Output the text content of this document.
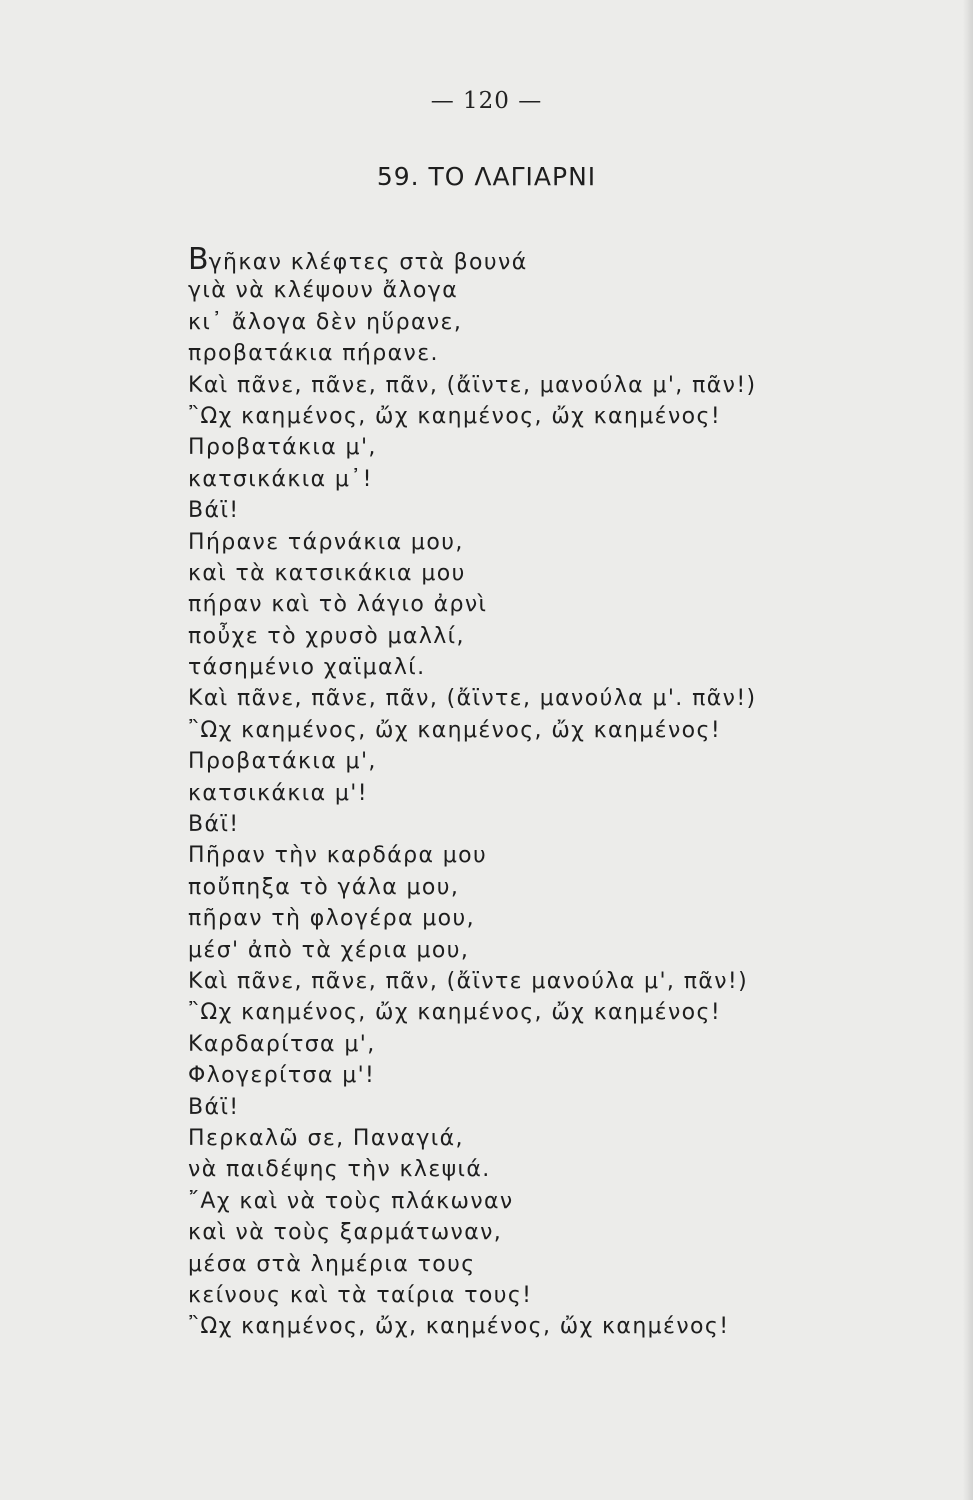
— 120 —
59. ΤΟ ΛΑΓΙΑΡΝΙ
Βγῆκαν κλέφτες στὰ βουνά
γιὰ νὰ κλέψουν ἄλογα
κι᾿ ἄλογα δὲν ηὕρανε,
προβατάκια πήρανε.
Καὶ πᾶνε, πᾶνε, πᾶν, (ἄϊντε, μανούλα μ', πᾶν!)
῍Ωχ καημένος, ὤχ καημένος, ὤχ καημένος!
Προβατάκια μ',
κατσικάκια μ᾿!
Βάϊ!
Πήρανε τάρνάκια μου,
καὶ τὰ κατσικάκια μου
πήραν καὶ τὸ λάγιο ἀρνὶ
ποὖχε τὸ χρυσὸ μαλλί,
τάσημένιο χαϊμαλί.
Καὶ πᾶνε, πᾶνε, πᾶν, (ἄϊντε, μανούλα μ'. πᾶν!)
῍Ωχ καημένος, ὤχ καημένος, ὤχ καημένος!
Προβατάκια μ',
κατσικάκια μ'!
Βάϊ!
Πῆραν τὴν καρδάρα μου
ποὔπηξα τὸ γάλα μου,
πῆραν τὴ φλογέρα μου,
μέσ' ἀπὸ τὰ χέρια μου,
Καὶ πᾶνε, πᾶνε, πᾶν, (ἄϊντε μανούλα μ', πᾶν!)
῍Ωχ καημένος, ὤχ καημένος, ὤχ καημένος!
Καρδαρίτσα μ',
Φλογερίτσα μ'!
Βάϊ!
Περκαλῶ σε, Παναγιά,
νὰ παιδέψης τὴν κλεψιά.
῎Αχ καὶ νὰ τοὺς πλάκωναν
καὶ νὰ τοὺς ξαρμάτωναν,
μέσα στὰ λημέρια τους
κείνους καὶ τὰ ταίρια τους!
῍Ωχ καημένος, ὤχ, καημένος, ὤχ καημένος!
